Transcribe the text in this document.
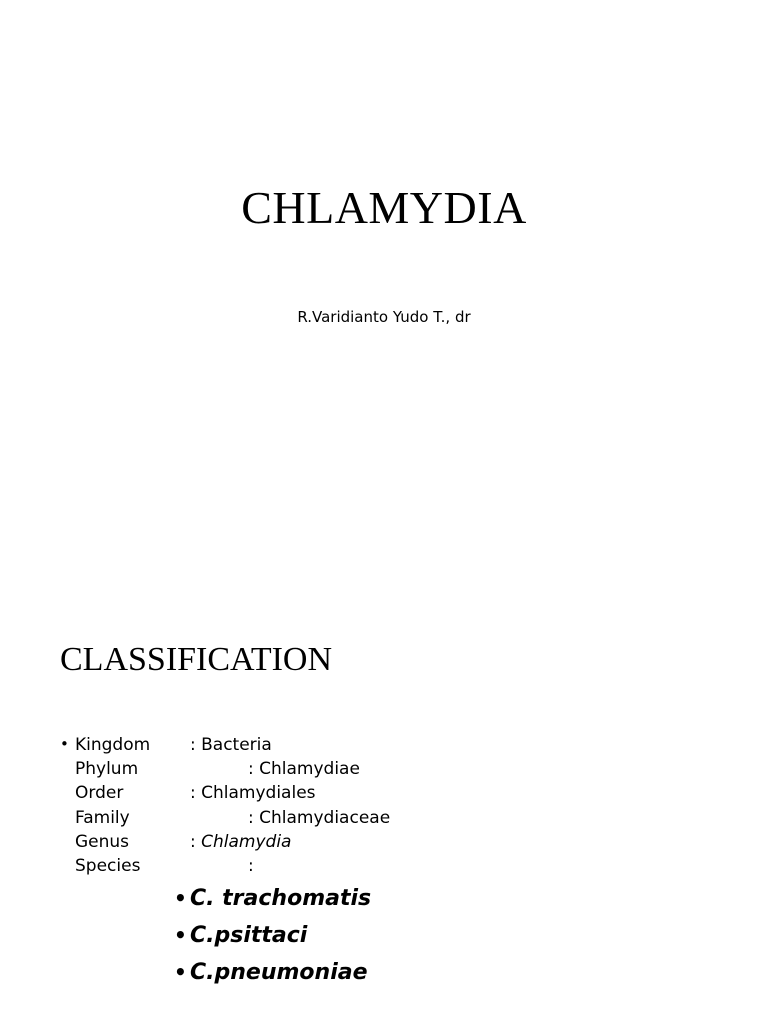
CHLAMYDIA
R.Varidianto Yudo T., dr
CLASSIFICATION
• Kingdom : Bacteria
Phylum	: Chlamydiae
Order	: Chlamydiales
Family	: Chlamydiaceae
Genus	: Chlamydia
Species	:
• C. trachomatis
• C.psittaci
• C.pneumoniae
